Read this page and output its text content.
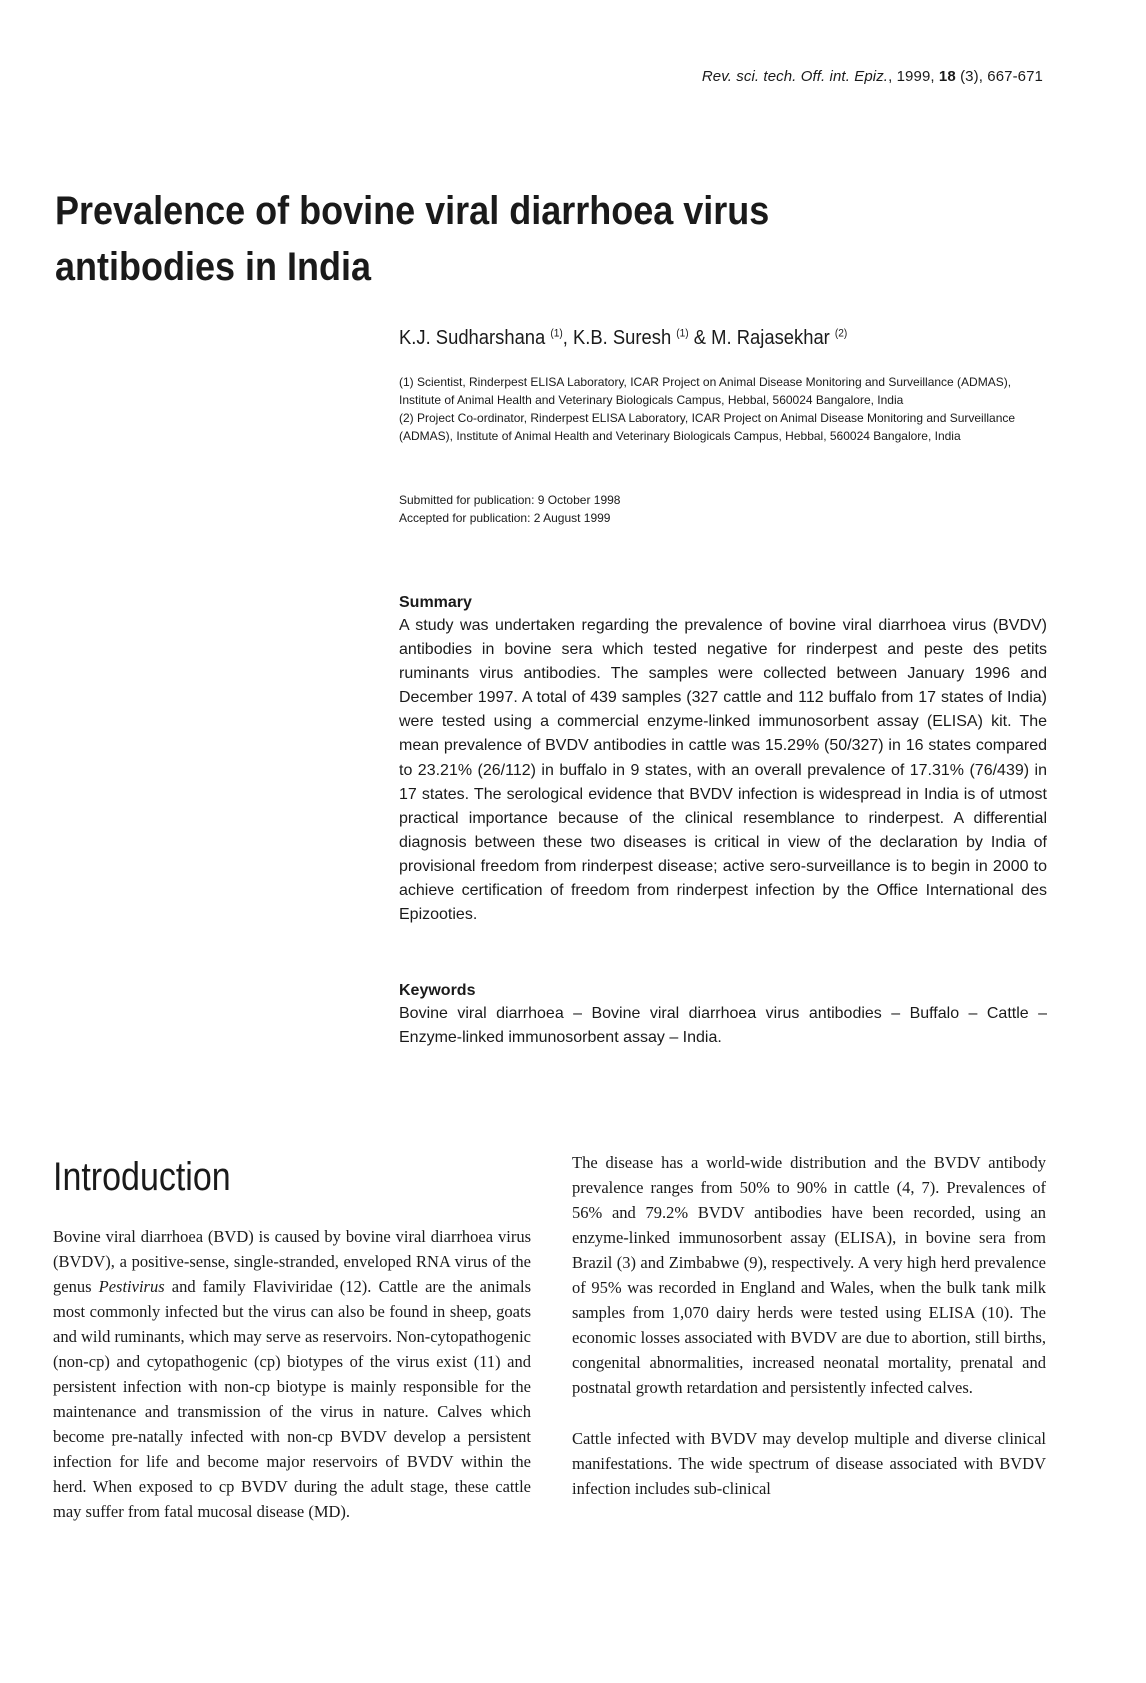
Rev. sci. tech. Off. int. Epiz., 1999, 18 (3), 667-671
Prevalence of bovine viral diarrhoea virus antibodies in India
K.J. Sudharshana $^{(1)}$, K.B. Suresh $^{(1)}$ & M. Rajasekhar $^{(2)}$

(1) Scientist, Rinderpest ELISA Laboratory, ICAR Project on Animal Disease Monitoring and Surveillance (ADMAS), Institute of Animal Health and Veterinary Biologicals Campus, Hebbal, 560024 Bangalore, India

(2) Project Co-ordinator, Rinderpest ELISA Laboratory, ICAR Project on Animal Disease Monitoring and Surveillance (ADMAS), Institute of Animal Health and Veterinary Biologicals Campus, Hebbal, 560024 Bangalore, India

Submitted for publication: 9 October 1998

Accepted for publication: 2 August 1999

Summary

A study was undertaken regarding the prevalence of bovine viral diarrhoea virus (BVDV) antibodies in bovine sera which tested negative for rinderpest and peste des petits ruminants virus antibodies. The samples were collected between January 1996 and December 1997. A total of 439 samples (327 cattle and 112 buffalo from 17 states of India) were tested using a commercial enzyme-linked immunosorbent assay (ELISA) kit. The mean prevalence of BVDV antibodies in cattle was 15.29% (50/327) in 16 states compared to 23.21% (26/112) in buffalo in 9 states, with an overall prevalence of 17.31% (76/439) in 17 states. The serological evidence that BVDV infection is widespread in India is of utmost practical importance because of the clinical resemblance to rinderpest. A differential diagnosis between these two diseases is critical in view of the declaration by India of provisional freedom from rinderpest disease; active sero-surveillance is to begin in 2000 to achieve certification of freedom from rinderpest infection by the Office International des Epizooties.

Keywords

Bovine viral diarrhoea – Bovine viral diarrhoea virus antibodies – Buffalo – Cattle – Enzyme-linked immunosorbent assay – India.

Introduction

Bovine viral diarrhoea (BVD) is caused by bovine viral diarrhoea virus (BVDV), a positive-sense, single-stranded, enveloped RNA virus of the genus Pestivirus and family Flaviviridae (12). Cattle are the animals most commonly infected but the virus can also be found in sheep, goats and wild ruminants, which may serve as reservoirs. Non-cytopathogenic (non-cp) and cytopathogenic (cp) biotypes of the virus exist (11) and persistent infection with non-cp biotype is mainly responsible for the maintenance and transmission of the virus in nature. Calves which become pre-natally infected with non-cp BVDV develop a persistent infection for life and become major reservoirs of BVDV within the herd. When exposed to cp BVDV during the adult stage, these cattle may suffer from fatal mucosal disease (MD).

The disease has a world-wide distribution and the BVDV antibody prevalence ranges from 50% to 90% in cattle (4, 7). Prevalences of 56% and 79.2% BVDV antibodies have been recorded, using an enzyme-linked immunosorbent assay (ELISA), in bovine sera from Brazil (3) and Zimbabwe (9), respectively. A very high herd prevalence of 95% was recorded in England and Wales, when the bulk tank milk samples from 1,070 dairy herds were tested using ELISA (10). The economic losses associated with BVDV are due to abortion, still births, congenital abnormalities, increased neonatal mortality, prenatal and postnatal growth retardation and persistently infected calves.

Cattle infected with BVDV may develop multiple and diverse clinical manifestations. The wide spectrum of disease associated with BVDV infection includes sub-clinical
